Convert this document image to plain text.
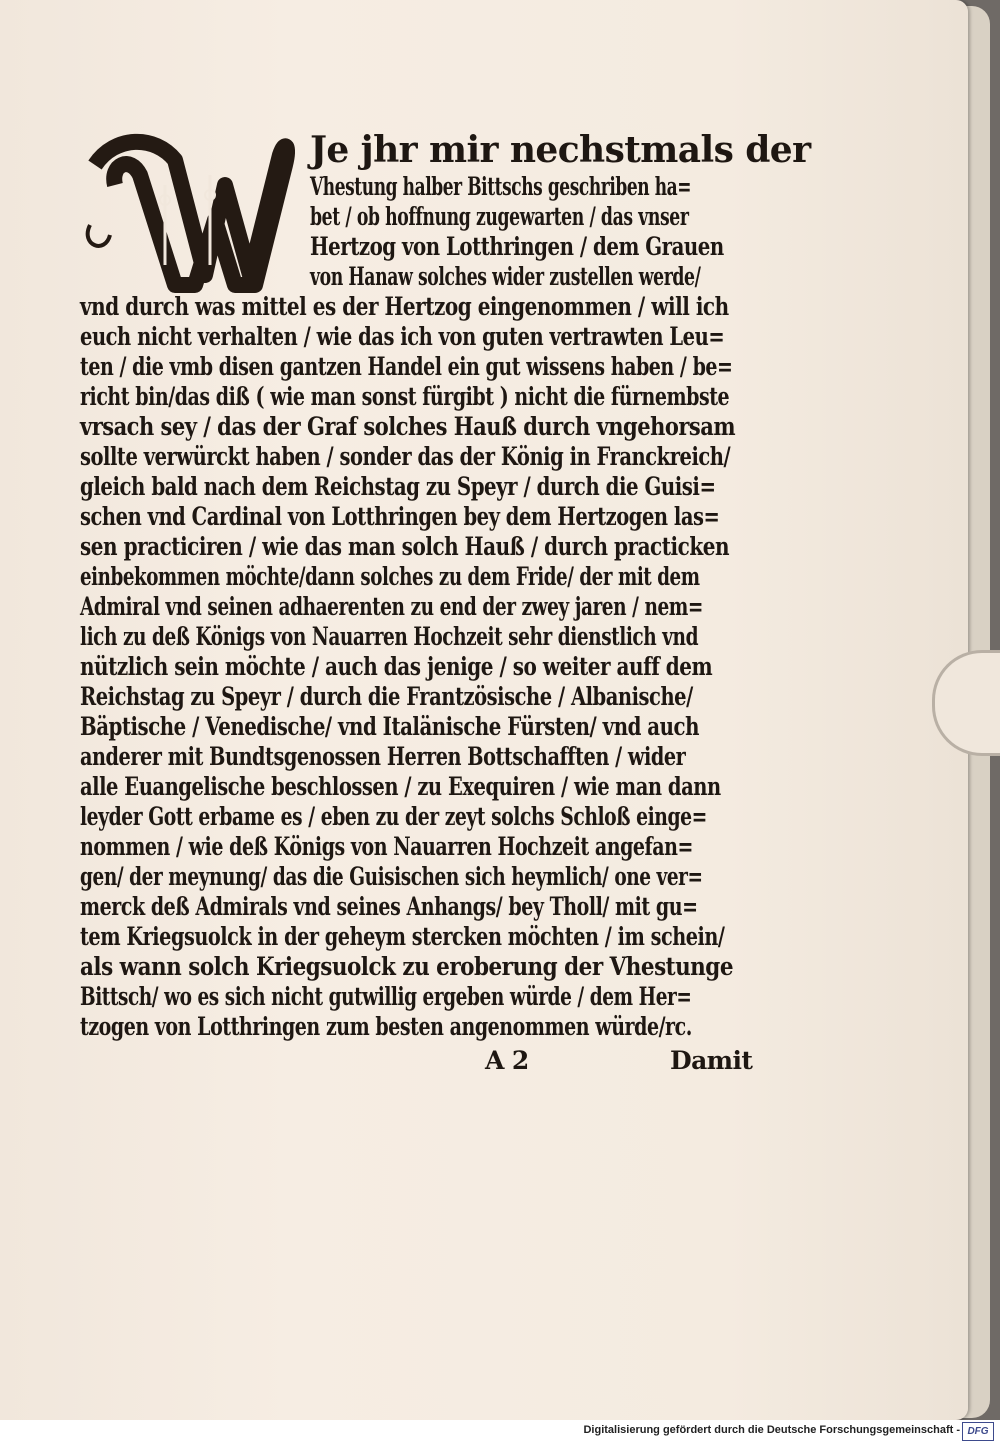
Je jhr mir nechstmals der
Vhestung halber Bittschs geschriben ha=
bet / ob hoffnung zugewarten / das vnser
Hertzog von Lotthringen / dem Grauen
von Hanaw solches wider zustellen werde/
vnd durch was mittel es der Hertzog eingenommen / will ich
euch nicht verhalten / wie das ich von guten vertrawten Leu=
ten / die vmb disen gantzen Handel ein gut wissens haben / be=
richt bin/das diß ( wie man sonst fürgibt ) nicht die fürnembste
vrsach sey / das der Graf solches Hauß durch vngehorsam
sollte verwürckt haben / sonder das der König in Franckreich/
gleich bald nach dem Reichstag zu Speyr / durch die Guisi=
schen vnd Cardinal von Lotthringen bey dem Hertzogen las=
sen practiciren / wie das man solch Hauß / durch practicken
einbekommen möchte/dann solches zu dem Fride/ der mit dem
Admiral vnd seinen adhaerenten zu end der zwey jaren / nem=
lich zu deß Königs von Nauarren Hochzeit sehr dienstlich vnd
nützlich sein möchte / auch das jenige / so weiter auff dem
Reichstag zu Speyr / durch die Frantzösische / Albanische/
Bäptische / Venedische/ vnd Italänische Fürsten/ vnd auch
anderer mit Bundtsgenossen Herren Bottschafften / wider
alle Euangelische beschlossen / zu Exequiren / wie man dann
leyder Gott erbame es / eben zu der zeyt solchs Schloß einge=
nommen / wie deß Königs von Nauarren Hochzeit angefan=
gen/ der meynung/ das die Guisischen sich heymlich/ one ver=
merck deß Admirals vnd seines Anhangs/ bey Tholl/ mit gu=
tem Kriegsuolck in der geheym stercken möchten / im schein/
als wann solch Kriegsuolck zu eroberung der Vhestunge
Bittsch/ wo es sich nicht gutwillig ergeben würde / dem Her=
tzogen von Lotthringen zum besten angenommen würde/rc.
A 2	Damit
Digitalisierung gefördert durch die Deutsche Forschungsgemeinschaft - DFG
